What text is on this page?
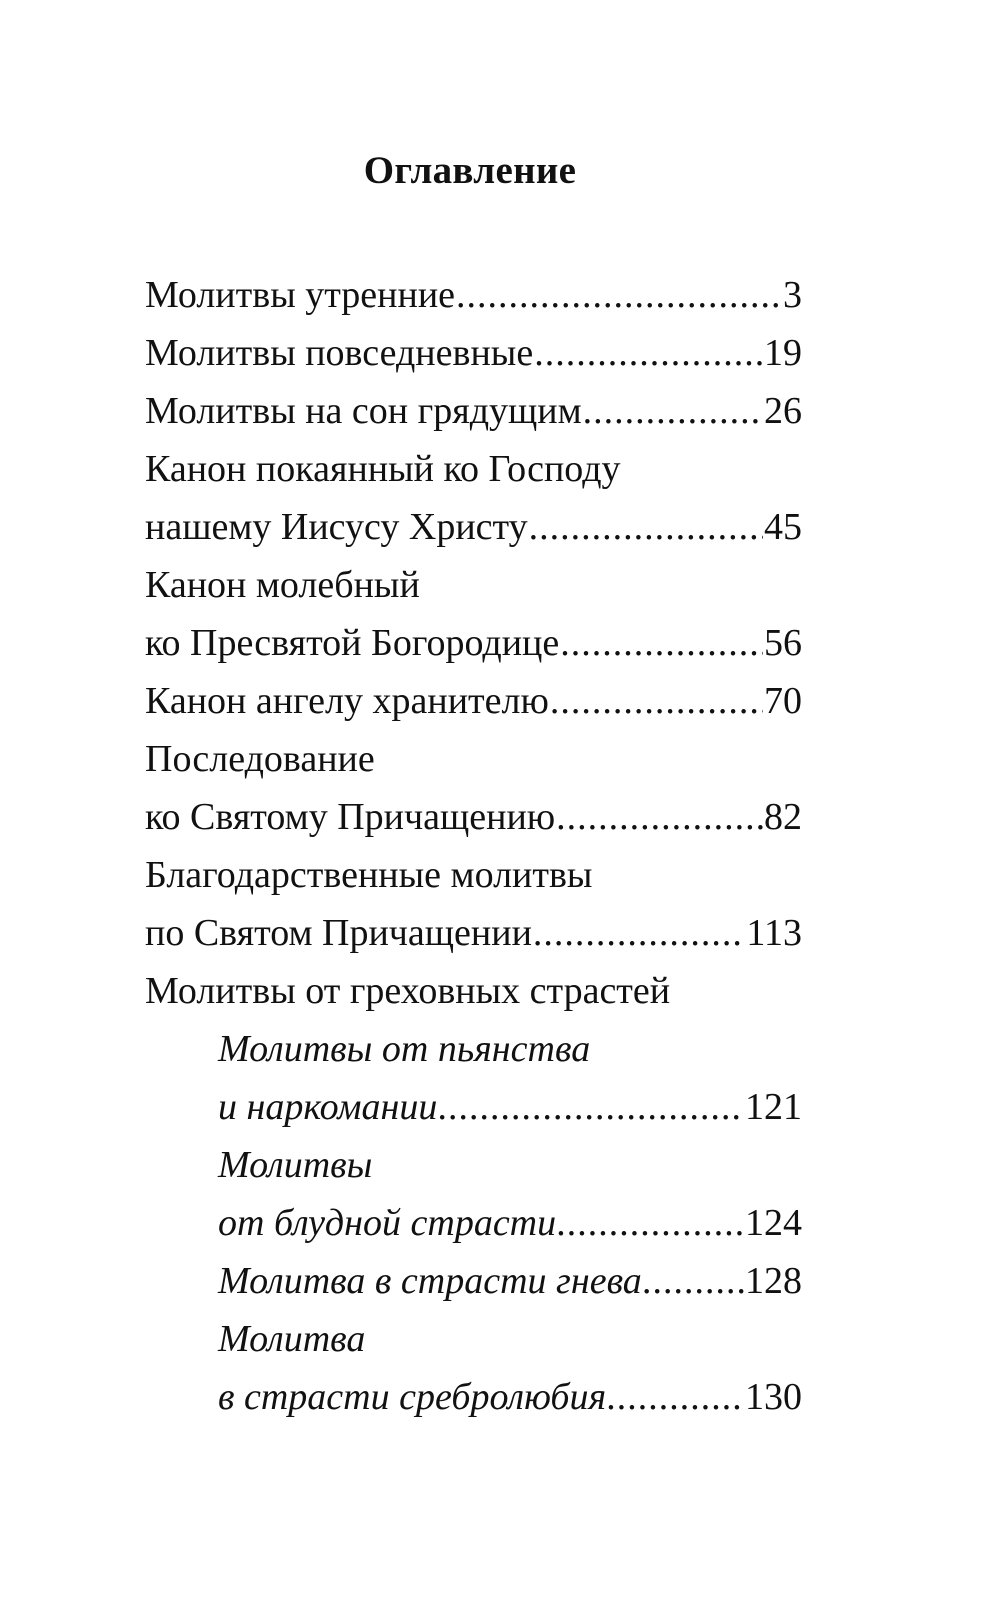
Оглавление
Молитвы утренние .....	3
Молитвы повседневные .....	19
Молитвы на сон грядущим .....	26
Канон покаянный ко Господу
нашему Иисусу Христу .....	45
Канон молебный
ко Пресвятой Богородице .....	56
Канон ангелу хранителю .....	70
Последование
ко Святому Причащению .....	82
Благодарственные молитвы
по Святом Причащении .....	113
Молитвы от греховных страстей
Молитвы от пьянства
и наркомании .....	121
Молитвы
от блудной страсти .....	124
Молитва в страсти гнева .....	128
Молитва
в страсти сребролюбия .....	130
